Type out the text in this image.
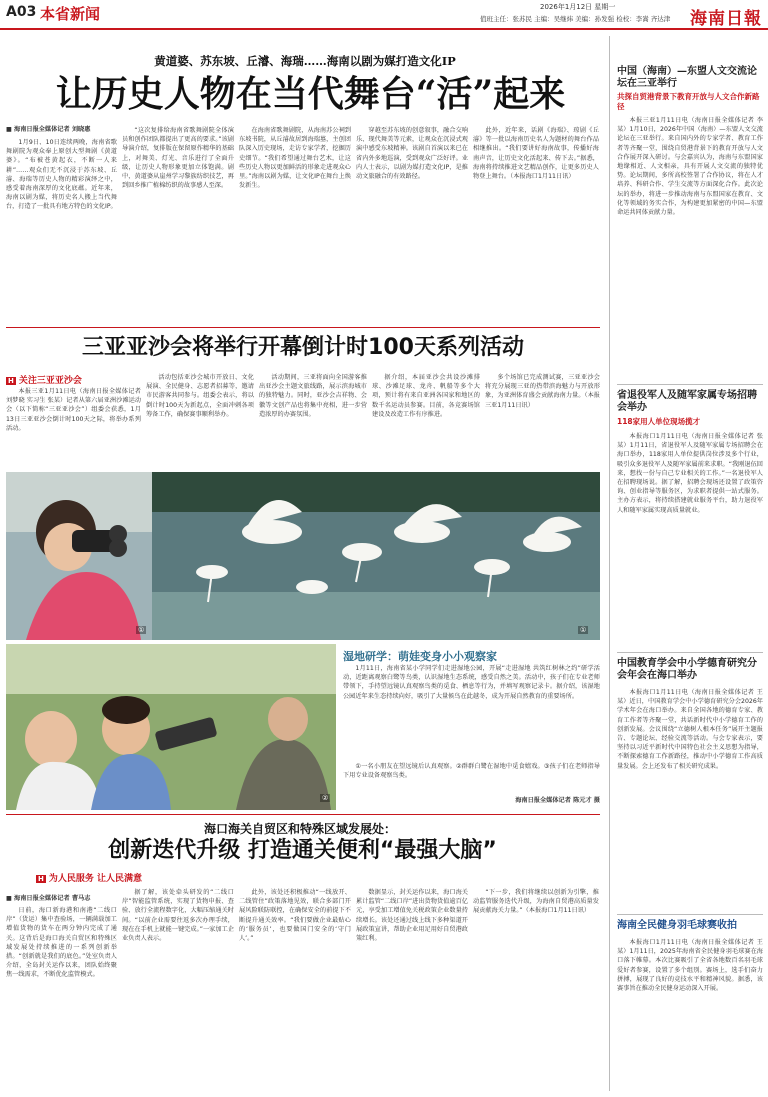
A03 本省新闻	2026年1月12日 星期一
值班主任：张苏民 主编：吴继炜 美编：孙发强 检校：李嵩 齐达津	海南日報
黄道婆、苏东坡、丘濬、海瑞……海南以剧为媒打造文化IP
让历史人物在当代舞台“活”起来
■ 海南日报全媒体记者 刘晓惠

1月9日、10日连续两晚，海南省歌舞剧院为观众奉上原创大型舞剧《黄道婆》。“布被苍黄起衣，不断一人来耕”……观众们无不沉浸于苏东坡、丘濬、海瑞等历史人物的精彩演绎之中，感受着海南深厚的文化底蕴。近年来，海南以剧为媒，将历史名人搬上当代舞台，打造了一批具有地方特色的文化IP。

“这次复排给海南省歌舞剧院全体演员和创作团队都提出了更高的要求。”该剧导演介绍，复排版在保留原作精华的基础上，对舞美、灯光、音乐进行了全面升级，让历史人物形象更加立体饱满。剧中，黄道婆从崖州学习黎族纺织技艺，再到回乡推广植棉纺织的故事感人至深。

在海南省歌舞剧院，从海南苏公祠到东坡书院，从丘濬故居到海瑞墓，主创团队深入历史现场，走访专家学者，挖掘历史细节。“我们希望通过舞台艺术，让这些历史人物以更加鲜活的形象走进观众心里。”海南以剧为媒，让文化IP在舞台上焕发新生。

穿越至苏东坡的创意叙事，融合交响乐、现代舞美等元素，让观众在沉浸式观演中感受东坡精神。该剧自首演以来已在省内外多地巡演，受到观众广泛好评。业内人士表示，以剧为媒打造文化IP，是推动文旅融合的有效路径。

此外，近年来，话剧《海瑞》、琼剧《丘濬》等一批以海南历史名人为题材的舞台作品相继推出。“我们要讲好海南故事，传播好海南声音，让历史文化活起来、传下去。”据悉，海南将持续推进文艺精品创作，让更多历史人物登上舞台。（本报海口1月11日讯）

三亚亚沙会将举行开幕倒计时100天系列活动
H 关注三亚亚沙会

本报三亚1月11日电（海南日报全媒体记者 刘梦晓 实习生 张某）记者从第六届亚洲沙滩运动会（以下简称“三亚亚沙会”）组委会获悉，1月13日三亚亚沙会倒计时100天之际，将举办系列活动。

活动包括亚沙会城市开放日、文化展演、全民健身、志愿者招募等，邀请市民游客共同参与。组委会表示，将以倒计时100天为新起点，全面冲刺各项筹备工作，确保赛事顺利举办。

活动期间，三亚将面向全国游客推出亚沙会主题文旅线路，展示滨海城市的独特魅力。同时，亚沙会吉祥物、会徽等文创产品也将集中亮相，进一步营造浓厚的办赛氛围。

据介绍，本届亚沙会共设沙滩排球、沙滩足球、龙舟、帆船等多个大项，预计将有来自亚洲各国家和地区的数千名运动员参赛。目前，各竞赛场馆建设及改造工作有序推进。

多个场馆已完成测试赛，三亚亚沙会将充分展现三亚的热带滨海魅力与开放形象，为亚洲体育盛会贡献海南力量。（本报三亚1月11日讯）

①
①
②
湿地研学：萌娃变身小小观察家

1月11日，海南省某小学同学们走进湿地公园，开展“走进湿地 共筑红树林之约”研学活动，近距离观察白鹭等鸟类，认识湿地生态系统，感受自然之美。活动中，孩子们在专业老师带领下，手持望远镜认真观察鸟类的觅食、栖息等行为，并填写观察记录卡。据介绍，该湿地公园近年来生态持续向好，吸引了大量候鸟在此越冬，成为开展自然教育的重要场所。

①一名小朋友在望远镜后认真观察。②群群白鹭在湿地中觅食嬉戏。③孩子们在老师指导下用专业设备观察鸟类。

海南日报全媒体记者 陈元才 摄
海口海关自贸区和特殊区域发展处：
创新迭代升级 打造通关便利“最强大脑”
H 为人民服务 让人民满意
■ 海南日报全媒体记者 曹马志

日前，海口新海港和南港“二线口岸”（货运）集中查验场，一辆满载加工增值货物的货车在两分钟内完成了通关。这背后是海口海关自贸区和特殊区域发展处持续推进的一系列创新举措。“创新就是我们的底色。”处室负责人介绍，全岛封关运作以来，团队始终聚焦一线需求，不断优化监管模式。

据了解，该处牵头研发的“二线口岸”智能监管系统，实现了货物申报、查验、放行全流程数字化，大幅压缩通关时间。“以前企业需要往返多次办理手续，现在在手机上就能一键完成。”一家加工企业负责人表示。

此外，该处还积极推动“一线放开、二线管住”政策落地见效，联合多部门开展风险联防联控，在确保安全的前提下不断提升通关效率。“我们要做企业最贴心的‘服务员’，也要做国门安全的‘守门人’。”

数据显示，封关运作以来，海口海关累计监管“二线口岸”进出货物货值逾百亿元，享受加工增值免关税政策企业数量持续增长。该处还通过线上线下多种渠道开展政策宣讲，帮助企业用足用好自贸港政策红利。

“下一步，我们将继续以创新为引擎，推动监管服务迭代升级，为海南自贸港高质量发展贡献海关力量。”（本报海口1月11日讯）

中国（海南）—东盟人文交流论坛在三亚举行
共探自贸港背景下教育开放与人文合作新路径

本报三亚1月11日电（海南日报全媒体记者 李某）1月10日，2026年中国（海南）—东盟人文交流论坛在三亚举行。来自国内外的专家学者、教育工作者等齐聚一堂，围绕自贸港背景下的教育开放与人文合作展开深入研讨。与会嘉宾认为，海南与东盟国家地缘相近、人文相亲，具有开展人文交流的独特优势。论坛期间，多所高校签署了合作协议，将在人才培养、科研合作、学生交流等方面深化合作。此次论坛的举办，将进一步推动海南与东盟国家在教育、文化等领域的务实合作，为构建更加紧密的中国—东盟命运共同体贡献力量。

省退役军人及随军家属专场招聘会举办
118家用人单位现场揽才

本报海口1月11日电（海南日报全媒体记者 张某）1月11日，省退役军人及随军家属专场招聘会在海口举办，118家用人单位提供岗位涉及多个行业，吸引众多退役军人及随军家属前来求职。“我刚退伍回来，想找一份与自己专业相关的工作。”一名退役军人在招聘现场说。据了解，招聘会现场还设置了政策咨询、创业指导等服务区，为求职者提供一站式服务。主办方表示，将持续搭建就业服务平台，助力退役军人和随军家属实现高质量就业。

中国教育学会中小学德育研究分会年会在海口举办

本报海口1月11日电（海南日报全媒体记者 王某）近日，中国教育学会中小学德育研究分会2026年学术年会在海口举办。来自全国各地的德育专家、教育工作者等齐聚一堂，共话新时代中小学德育工作的创新发展。会议围绕“立德树人根本任务”展开主题报告、专题论坛、经验交流等活动。与会专家表示，要坚持以习近平新时代中国特色社会主义思想为指导，不断探索德育工作新路径，推动中小学德育工作高质量发展。会上还发布了相关研究成果。

海南全民健身羽毛球赛收拍

本报海口1月11日电（海南日报全媒体记者 王某）1月11日，2025年海南省全民健身羽毛球赛在海口落下帷幕。本次比赛吸引了全省各地数百名羽毛球爱好者参赛，设置了多个组别。赛场上，选手们奋力拼搏，展现了良好的竞技水平和精神风貌。据悉，该赛事旨在推动全民健身运动深入开展。
